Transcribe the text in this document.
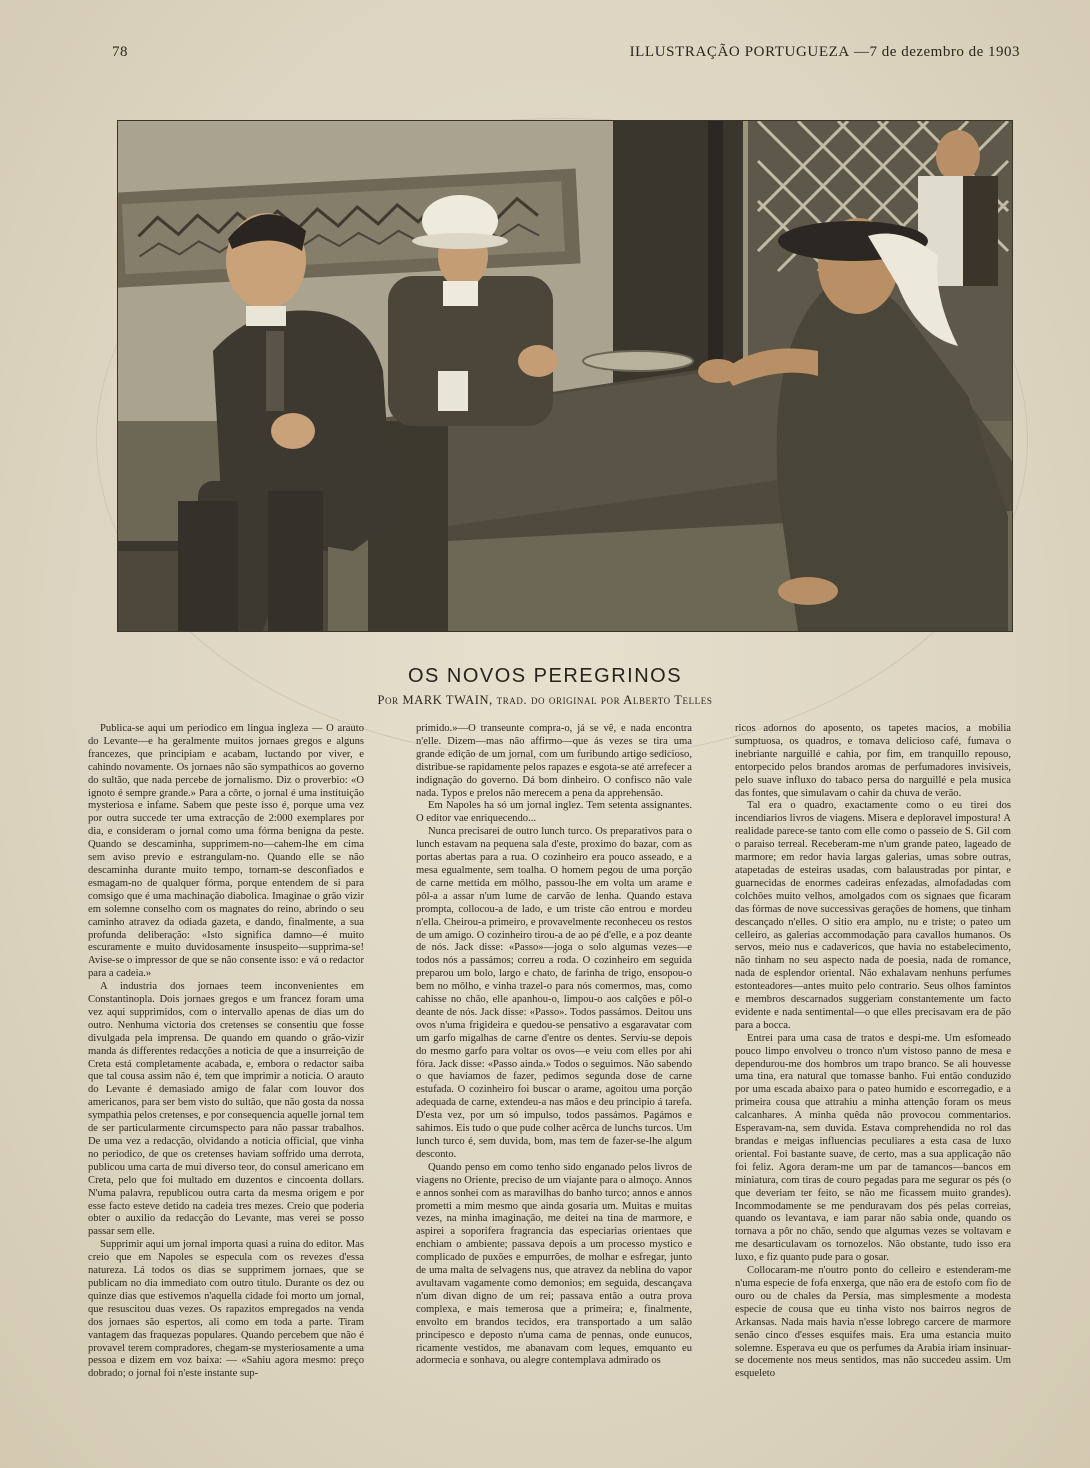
78	ILLUSTRAÇÃO PORTUGUEZA —7 de dezembro de 1903
OS NOVOS PEREGRINOS
Por MARK TWAIN, trad. do original por Alberto Telles

Publica-se aqui um periodico em lingua ingleza — O arauto do Levante—e ha geralmente muitos jornaes gregos e alguns francezes, que principiam e acabam, luctando por viver, e cahindo novamente. Os jornaes não são sympathicos ao governo do sultão, que nada percebe de jornalismo. Diz o proverbio: «O ignoto é sempre grande.» Para a côrte, o jornal é uma instituição mysteriosa e infame. Sabem que peste isso é, porque uma vez por outra succede ter uma extracção de 2:000 exemplares por dia, e consideram o jornal como uma fórma benigna da peste. Quando se descaminha, supprimem-no—cahem-lhe em cima sem aviso previo e estrangulam-no. Quando elle se não descaminha durante muito tempo, tornam-se desconfiados e esmagam-no de qualquer fórma, porque entendem de si para comsigo que é uma machinação diabolica. Imaginae o grão vizir em solemne conselho com os magnates do reino, abrindo o seu caminho atravez da odiada gazeta, e dando, finalmente, a sua profunda deliberação: «Isto significa damno—é muito escuramente e muito duvidosamente insuspeito—supprima-se! Avise-se o impressor de que se não consente isso: e vá o redactor para a cadeia.»

A industria dos jornaes teem inconvenientes em Constantinopla. Dois jornaes gregos e um francez foram uma vez aqui supprimidos, com o intervallo apenas de dias um do outro. Nenhuma victoria dos cretenses se consentiu que fosse divulgada pela imprensa. De quando em quando o grão-vizir manda ás differentes redacções a noticia de que a insurreição de Creta está completamente acabada, e, embora o redactor saiba que tal cousa assim não é, tem que imprimir a noticia. O arauto do Levante é demasiado amigo de falar com louvor dos americanos, para ser bem visto do sultão, que não gosta da nossa sympathia pelos cretenses, e por consequencia aquelle jornal tem de ser particularmente circumspecto para não passar trabalhos. De uma vez a redacção, olvidando a noticia official, que vinha no periodico, de que os cretenses haviam soffrido uma derrota, publicou uma carta de mui diverso teor, do consul americano em Creta, pelo que foi multado em duzentos e cincoenta dollars. N'uma palavra, republicou outra carta da mesma origem e por esse facto esteve detido na cadeia tres mezes. Creio que poderia obter o auxilio da redacção do Levante, mas verei se posso passar sem elle.

Supprimir aqui um jornal importa quasi a ruina do editor. Mas creio que em Napoles se especula com os revezes d'essa natureza. Lá todos os dias se supprimem jornaes, que se publicam no dia immediato com outro titulo. Durante os dez ou quinze dias que estivemos n'aquella cidade foi morto um jornal, que resuscitou duas vezes. Os rapazitos empregados na venda dos jornaes são espertos, ali como em toda a parte. Tiram vantagem das fraquezas populares. Quando percebem que não é provavel terem compradores, chegam-se mysteriosamente a uma pessoa e dizem em voz baixa: — «Sahiu agora mesmo: preço dobrado; o jornal foi n'este instante sup-

primido.»—O transeunte compra-o, já se vê, e nada encontra n'elle. Dizem—mas não affirmo—que ás vezes se tira uma grande edição de um jornal, com um furibundo artigo sedicioso, distribue-se rapidamente pelos rapazes e esgota-se até arrefecer a indignação do governo. Dá bom dinheiro. O confisco não vale nada. Typos e prelos não merecem a pena da apprehensão.

Em Napoles ha só um jornal inglez. Tem setenta assignantes. O editor vae enriquecendo...

Nunca precisarei de outro lunch turco. Os preparativos para o lunch estavam na pequena sala d'este, proximo do bazar, com as portas abertas para a rua. O cozinheiro era pouco asseado, e a mesa egualmente, sem toalha. O homem pegou de uma porção de carne mettida em môlho, passou-lhe em volta um arame e pôl-a a assar n'um lume de carvão de lenha. Quando estava prompta, collocou-a de lado, e um triste cão entrou e mordeu n'ella. Cheirou-a primeiro, e provavelmente reconheceu os restos de um amigo. O cozinheiro tirou-a de ao pé d'elle, e a poz deante de nós. Jack disse: «Passo»—joga o solo algumas vezes—e todos nós a passámos; correu a roda. O cozinheiro em seguida preparou um bolo, largo e chato, de farinha de trigo, ensopou-o bem no môlho, e vinha trazel-o para nós comermos, mas, como cahisse no chão, elle apanhou-o, limpou-o aos calções e pôl-o deante de nós. Jack disse: «Passo». Todos passámos. Deitou uns ovos n'uma frigideira e quedou-se pensativo a esgaravatar com um garfo migalhas de carne d'entre os dentes. Serviu-se depois do mesmo garfo para voltar os ovos—e veiu com elles por ahi fóra. Jack disse: «Passo ainda.» Todos o seguimos. Não sabendo o que haviamos de fazer, pedimos segunda dose de carne estufada. O cozinheiro foi buscar o arame, agoitou uma porção adequada de carne, extendeu-a nas mãos e deu principio á tarefa. D'esta vez, por um só impulso, todos passámos. Pagámos e sahimos. Eis tudo o que pude colher acêrca de lunchs turcos. Um lunch turco é, sem duvida, bom, mas tem de fazer-se-lhe algum desconto.

Quando penso em como tenho sido enganado pelos livros de viagens no Oriente, preciso de um viajante para o almoço. Annos e annos sonhei com as maravilhas do banho turco; annos e annos prometti a mim mesmo que ainda gosaria um. Muitas e muitas vezes, na minha imaginação, me deitei na tina de marmore, e aspirei a soporifera fragrancia das especiarias orientaes que enchiam o ambiente; passava depois a um processo mystico e complicado de puxões e empurrões, de molhar e esfregar, junto de uma malta de selvagens nus, que atravez da neblina do vapor avultavam vagamente como demonios; em seguida, descançava n'um divan digno de um rei; passava então a outra prova complexa, e mais temerosa que a primeira; e, finalmente, envolto em brandos tecidos, era transportado a um salão principesco e deposto n'uma cama de pennas, onde eunucos, ricamente vestidos, me abanavam com leques, emquanto eu adormecia e sonhava, ou alegre contemplava admirado os

ricos adornos do aposento, os tapetes macios, a mobilia sumptuosa, os quadros, e tomava delicioso café, fumava o inebriante narguillé e cahia, por fim, em tranquillo repouso, entorpecido pelos brandos aromas de perfumadores invisiveis, pelo suave influxo do tabaco persa do narguillé e pela musica das fontes, que simulavam o cahir da chuva de verão.

Tal era o quadro, exactamente como o eu tirei dos incendiarios livros de viagens. Misera e deploravel impostura! A realidade parece-se tanto com elle como o passeio de S. Gil com o paraiso terreal. Receberam-me n'um grande pateo, lageado de marmore; em redor havia largas galerias, umas sobre outras, atapetadas de esteiras usadas, com balaustradas por pintar, e guarnecidas de enormes cadeiras enfezadas, almofadadas com colchões muito velhos, amolgados com os signaes que ficaram das fórmas de nove successivas gerações de homens, que tinham descançado n'elles. O sitio era amplo, nu e triste; o pateo um celleiro, as galerias accommodação para cavallos humanos. Os servos, meio nus e cadavericos, que havia no estabelecimento, não tinham no seu aspecto nada de poesia, nada de romance, nada de esplendor oriental. Não exhalavam nenhuns perfumes estonteadores—antes muito pelo contrario. Seus olhos famintos e membros descarnados suggeriam constantemente um facto evidente e nada sentimental—o que elles precisavam era de pão para a bocca.

Entrei para uma casa de tratos e despi-me. Um esfomeado pouco limpo envolveu o tronco n'um vistoso panno de mesa e dependurou-me dos hombros um trapo branco. Se ali houvesse uma tina, era natural que tomasse banho. Fui então conduzido por uma escada abaixo para o pateo humido e escorregadio, e a primeira cousa que attrahiu a minha attenção foram os meus calcanhares. A minha quêda não provocou commentarios. Esperavam-na, sem duvida. Estava comprehendida no rol das brandas e meigas influencias peculiares a esta casa de luxo oriental. Foi bastante suave, de certo, mas a sua applicação não foi feliz. Agora deram-me um par de tamancos—bancos em miniatura, com tiras de couro pegadas para me segurar os pés (o que deveriam ter feito, se não me ficassem muito grandes). Incommodamente se me penduravam dos pés pelas correias, quando os levantava, e iam parar não sabia onde, quando os tornava a pôr no chão, sendo que algumas vezes se voltavam e me desarticulavam os tornozelos. Não obstante, tudo isso era luxo, e fiz quanto pude para o gosar.

Collocaram-me n'outro ponto do celleiro e estenderam-me n'uma especie de fofa enxerga, que não era de estofo com fio de ouro ou de chales da Persia, mas simplesmente a modesta especie de cousa que eu tinha visto nos bairros negros de Arkansas. Nada mais havia n'esse lobrego carcere de marmore senão cinco d'esses esquifes mais. Era uma estancia muito solemne. Esperava eu que os perfumes da Arabia iriam insinuar-se docemente nos meus sentidos, mas não succedeu assim. Um esqueleto
